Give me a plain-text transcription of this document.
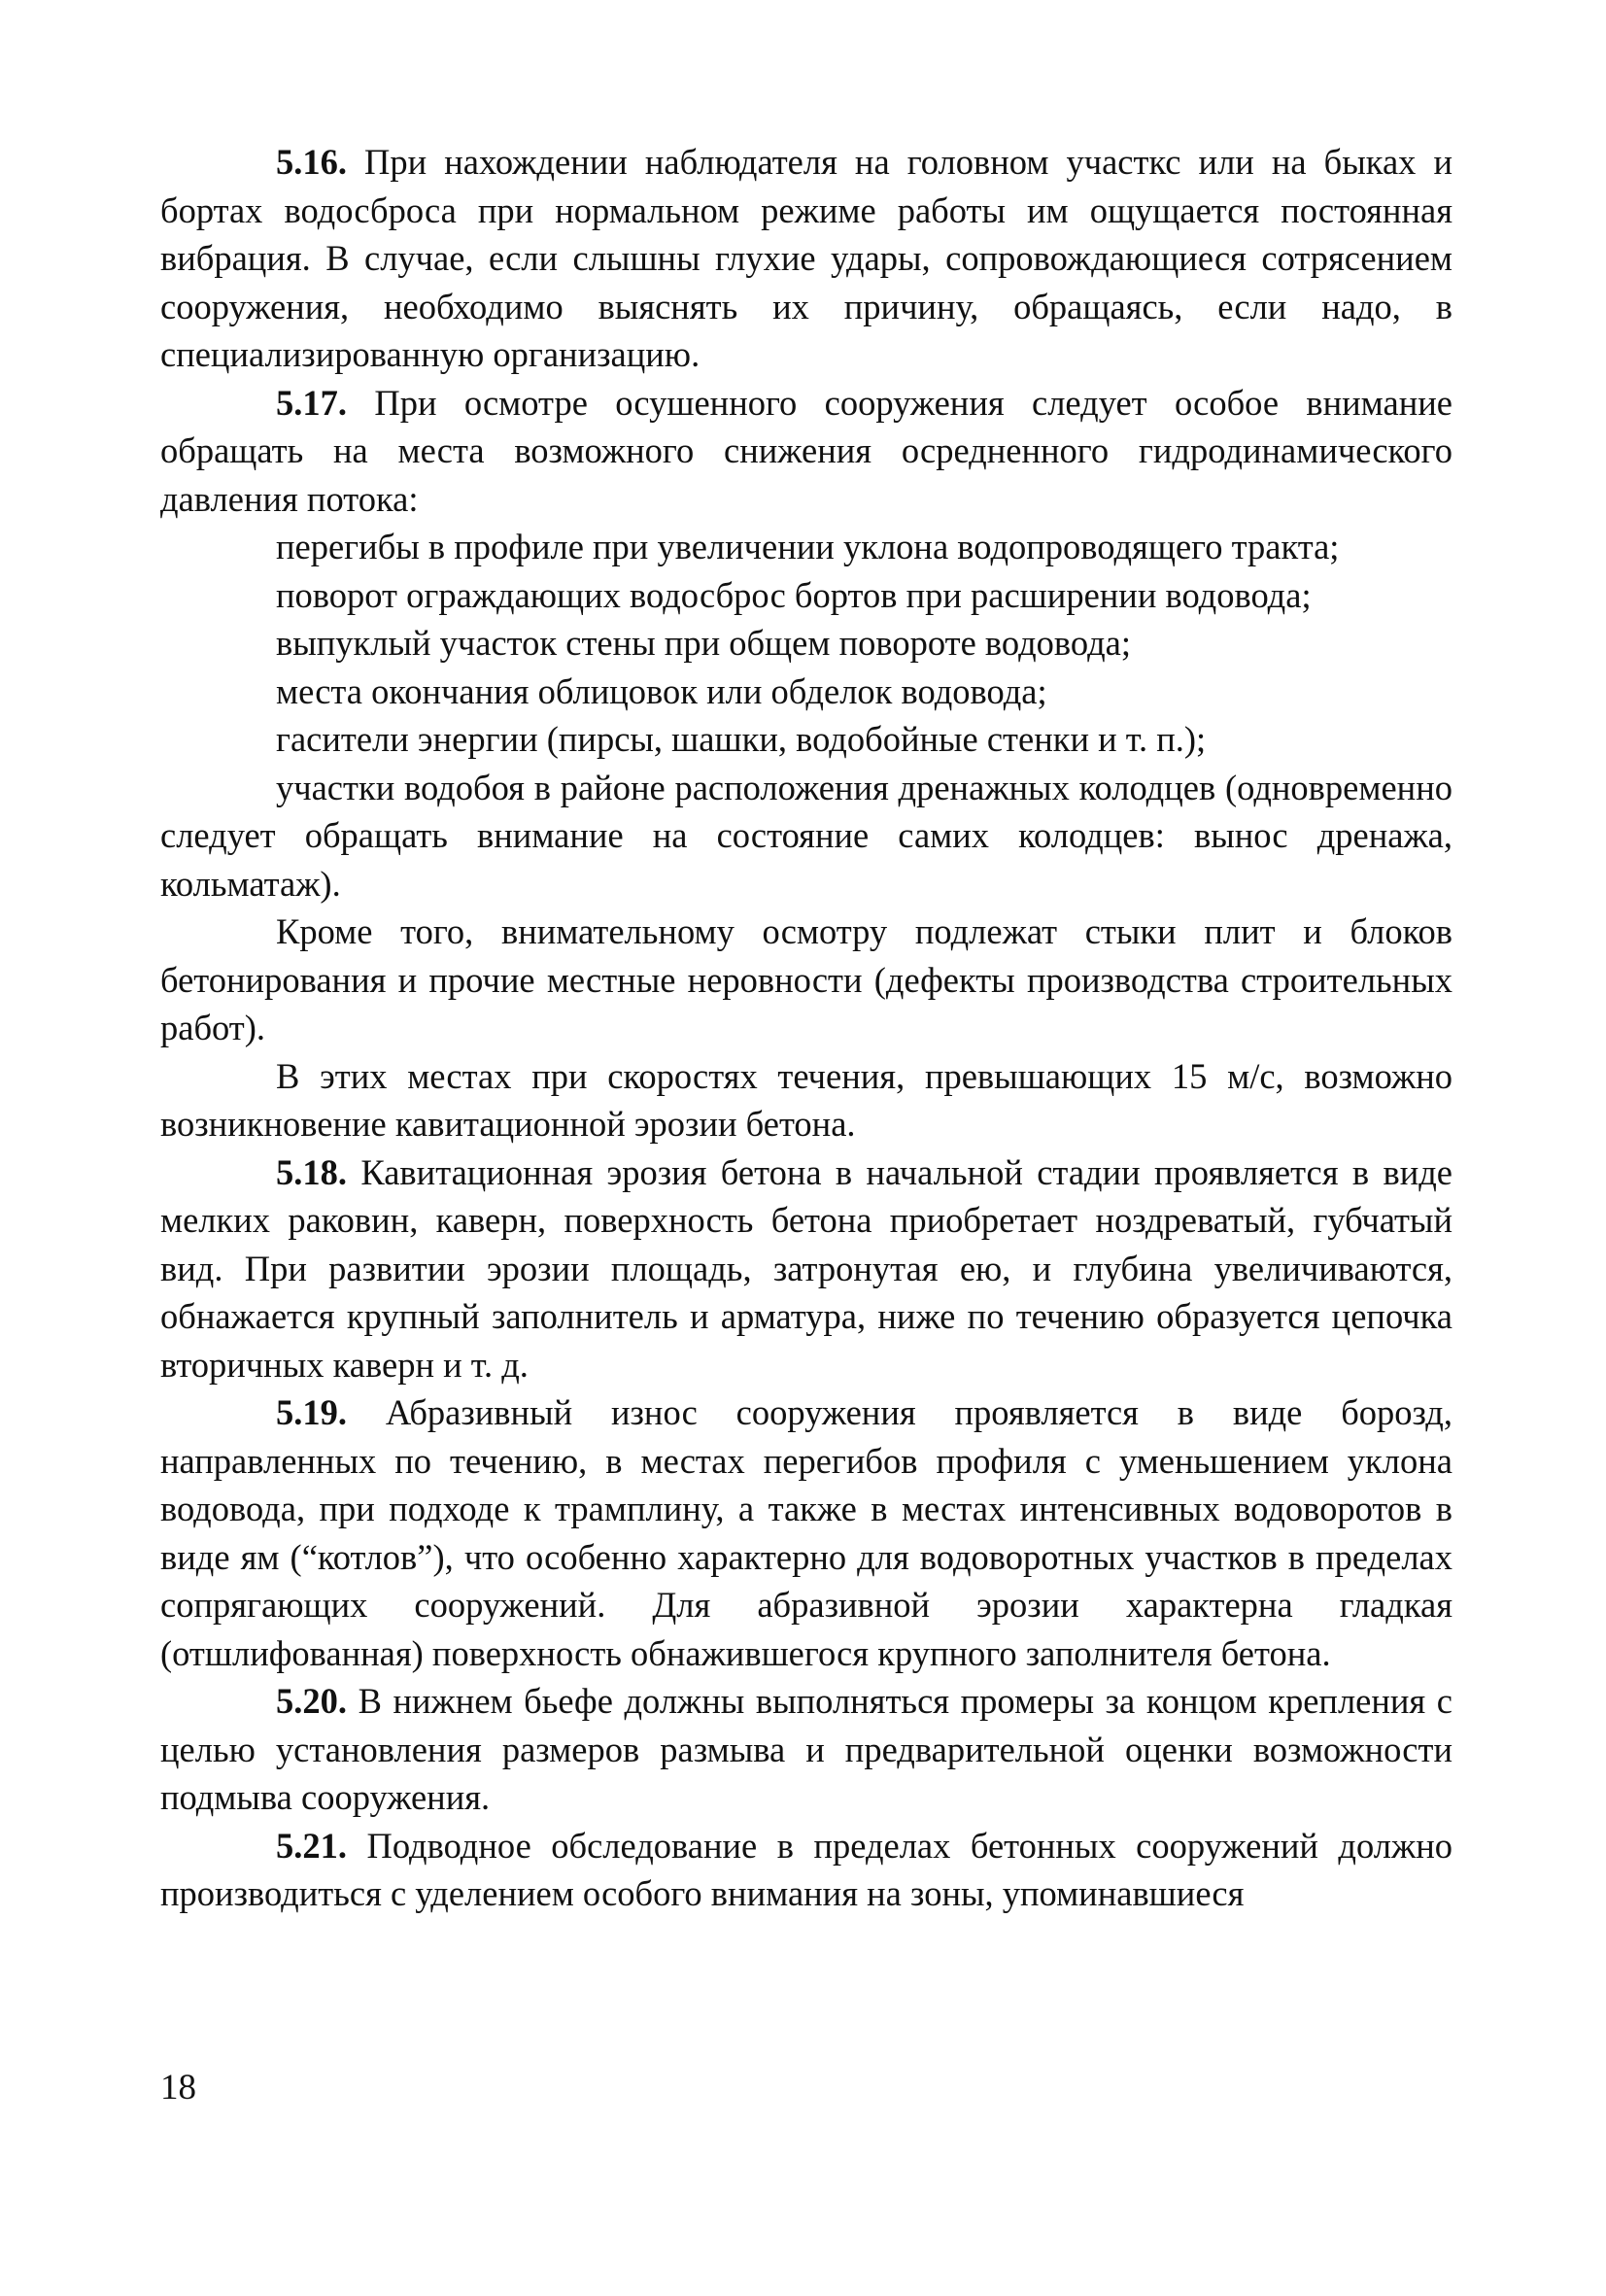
5.16. При нахождении наблюдателя на головном участкс или на быках и бортах водосброса при нормальном режиме работы им ощущается постоянная вибрация. В случае, если слышны глухие удары, сопровождающиеся сотрясением сооружения, необходимо выяснять их причину, обращаясь, если надо, в специализированную организацию.

5.17. При осмотре осушенного сооружения следует особое внимание обращать на места возможного снижения осредненного гидродинамического давления потока:

перегибы в профиле при увеличении уклона водопроводящего тракта;

поворот ограждающих водосброс бортов при расширении водовода;

выпуклый участок стены при общем повороте водовода;

места окончания облицовок или обделок водовода;

гасители энергии (пирсы, шашки, водобойные стенки и т. п.);

участки водобоя в районе расположения дренажных колодцев (одновременно следует обращать внимание на состояние самих колодцев: вынос дренажа, кольматаж).

Кроме того, внимательному осмотру подлежат стыки плит и блоков бетонирования и прочие местные неровности (дефекты производства строительных работ).

В этих местах при скоростях течения, превышающих 15 м/с, возможно возникновение кавитационной эрозии бетона.

5.18. Кавитационная эрозия бетона в начальной стадии проявляется в виде мелких раковин, каверн, поверхность бетона приобретает ноздреватый, губчатый вид. При развитии эрозии площадь, затронутая ею, и глубина увеличиваются, обнажается крупный заполнитель и арматура, ниже по течению образуется цепочка вторичных каверн и т. д.

5.19. Абразивный износ сооружения проявляется в виде борозд, направленных по течению, в местах перегибов профиля с уменьшением уклона водовода, при подходе к трамплину, а также в местах интенсивных водоворотов в виде ям (“котлов”), что особенно характерно для водоворотных участков в пределах сопрягающих сооружений. Для абразивной эрозии характерна гладкая (отшлифованная) поверхность обнажившегося крупного заполнителя бетона.

5.20. В нижнем бьефе должны выполняться промеры за концом крепления с целью установления размеров размыва и предварительной оценки возможности подмыва сооружения.

5.21. Подводное обследование в пределах бетонных сооружений должно производиться с уделением особого внимания на зоны, упоминавшиеся

18
